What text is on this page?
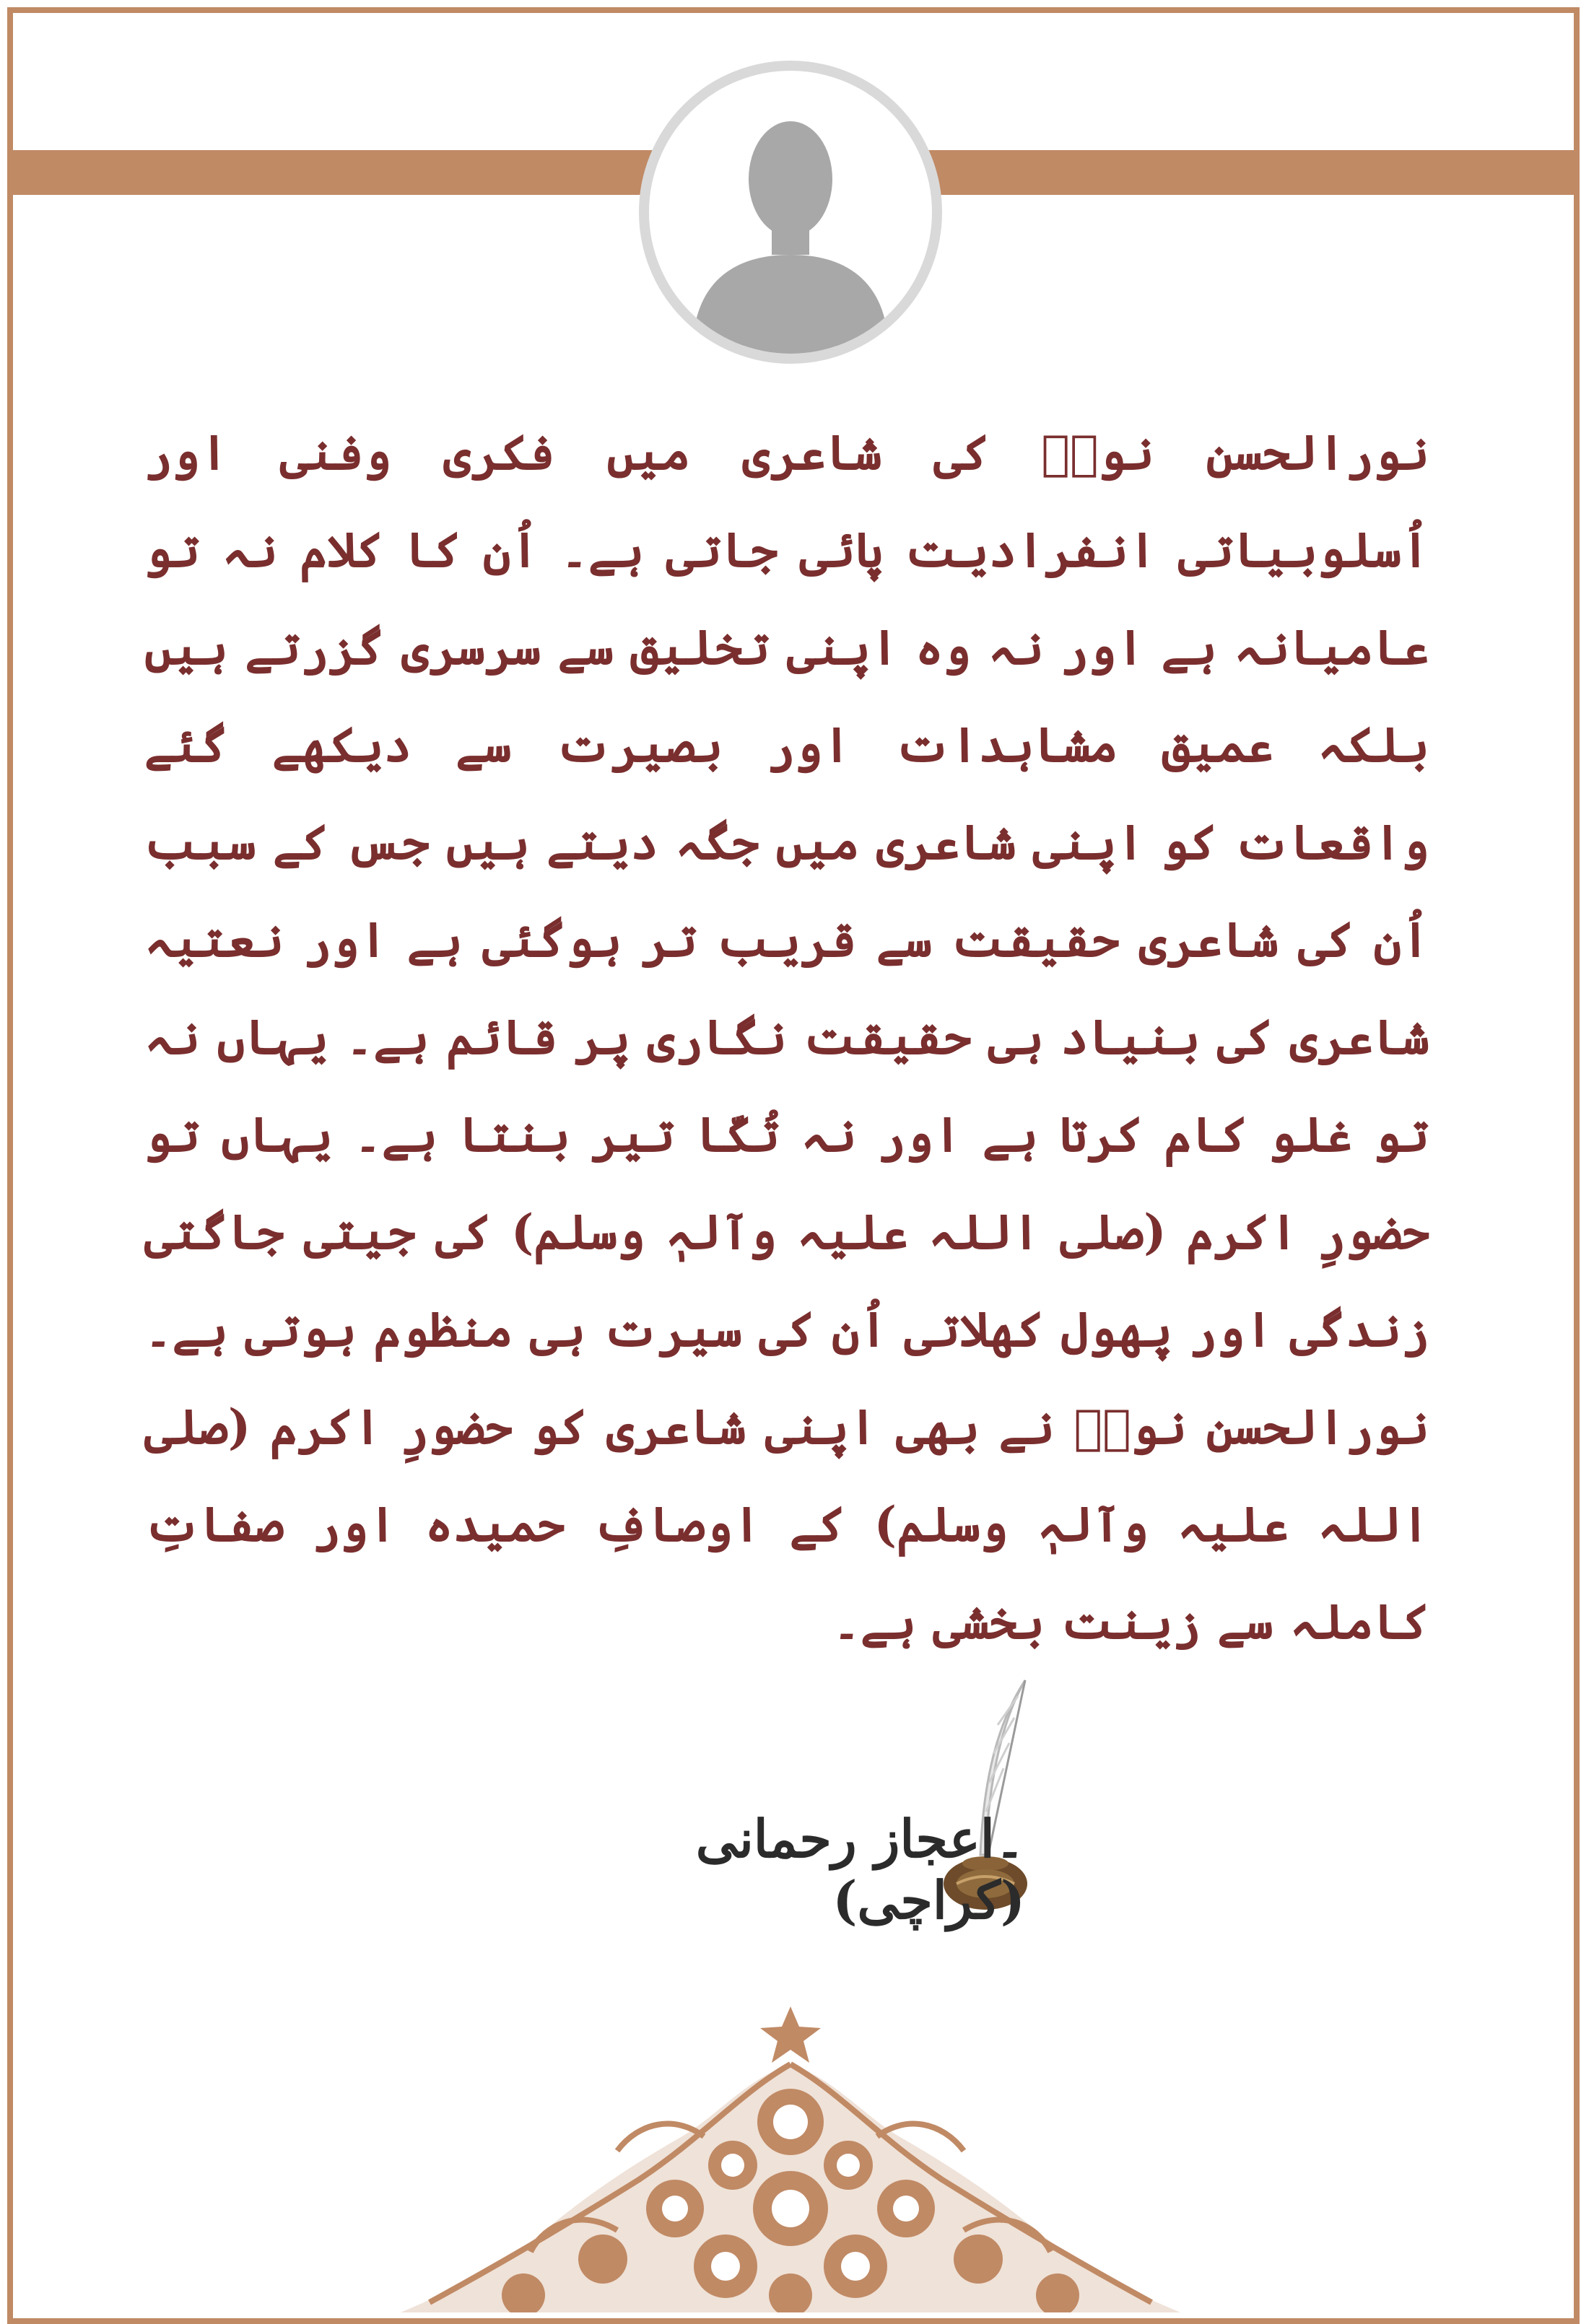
نورالحسن نورؔ کی شاعری میں فکری وفنی اور اُسلوبیاتی انفرادیت پائی جاتی ہے۔ اُن کا کلام نہ تو عامیانہ ہے اور نہ وہ اپنی تخلیق سے سرسری گزرتے ہیں بلکہ عمیق مشاہدات اور بصیرت سے دیکھے گئے واقعات کو اپنی شاعری میں جگہ دیتے ہیں جس کے سبب اُن کی شاعری حقیقت سے قریب تر ہوگئی ہے اور نعتیہ شاعری کی بنیاد ہی حقیقت نگاری پر قائم ہے۔ یہاں نہ تو غلو کام کرتا ہے اور نہ تُکّا تیر بنتا ہے۔ یہاں تو حضورِ اکرم (صلی اللہ علیہ وآلہٖ وسلم) کی جیتی جاگتی زندگی اور پھول کھلاتی اُن کی سیرت ہی منظوم ہوتی ہے۔ نورالحسن نورؔ نے بھی اپنی شاعری کو حضورِ اکرم (صلی اللہ علیہ وآلہٖ وسلم) کے اوصافِ حمیدہ اور صفاتِ کاملہ سے زینت بخشی ہے۔
۔اعجاز رحمانی (کراچی)
